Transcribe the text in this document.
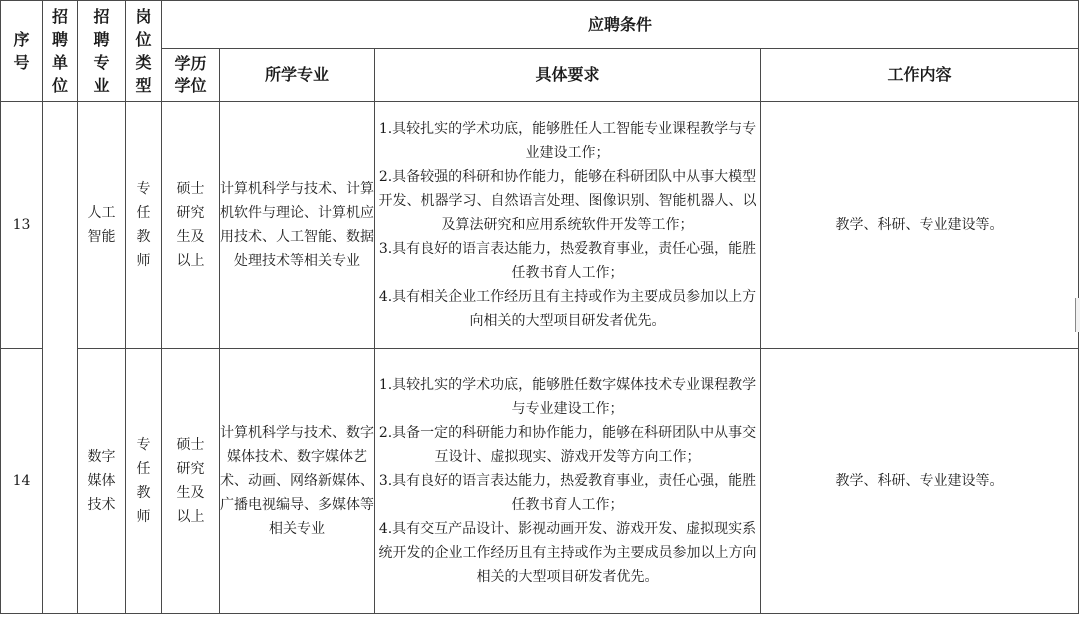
序号	招聘单位	招聘专业	岗位类型	应聘条件			

				学历学位	所学专业	具体要求	工作内容
13		人工智能	专任教师	硕士研究生及以上	计算机科学与技术、计算机软件与理论、计算机应用技术、人工智能、数据处理技术等相关专业	1.具较扎实的学术功底，能够胜任人工智能专业课程教学与专业建设工作；
2.具备较强的科研和协作能力，能够在科研团队中从事大模型开发、机器学习、自然语言处理、图像识别、智能机器人、以及算法研究和应用系统软件开发等工作；
3.具有良好的语言表达能力，热爱教育事业，责任心强，能胜任教书育人工作；
4.具有相关企业工作经历且有主持或作为主要成员参加以上方向相关的大型项目研发者优先。	教学、科研、专业建设等。
14		数字媒体技术	专任教师	硕士研究生及以上	计算机科学与技术、数字媒体技术、数字媒体艺术、动画、网络新媒体、广播电视编导、多媒体等相关专业	1.具较扎实的学术功底，能够胜任数字媒体技术专业课程教学与专业建设工作；
2.具备一定的科研能力和协作能力，能够在科研团队中从事交互设计、虚拟现实、游戏开发等方向工作；
3.具有良好的语言表达能力，热爱教育事业，责任心强，能胜任教书育人工作；
4.具有交互产品设计、影视动画开发、游戏开发、虚拟现实系统开发的企业工作经历且有主持或作为主要成员参加以上方向相关的大型项目研发者优先。	教学、科研、专业建设等。
